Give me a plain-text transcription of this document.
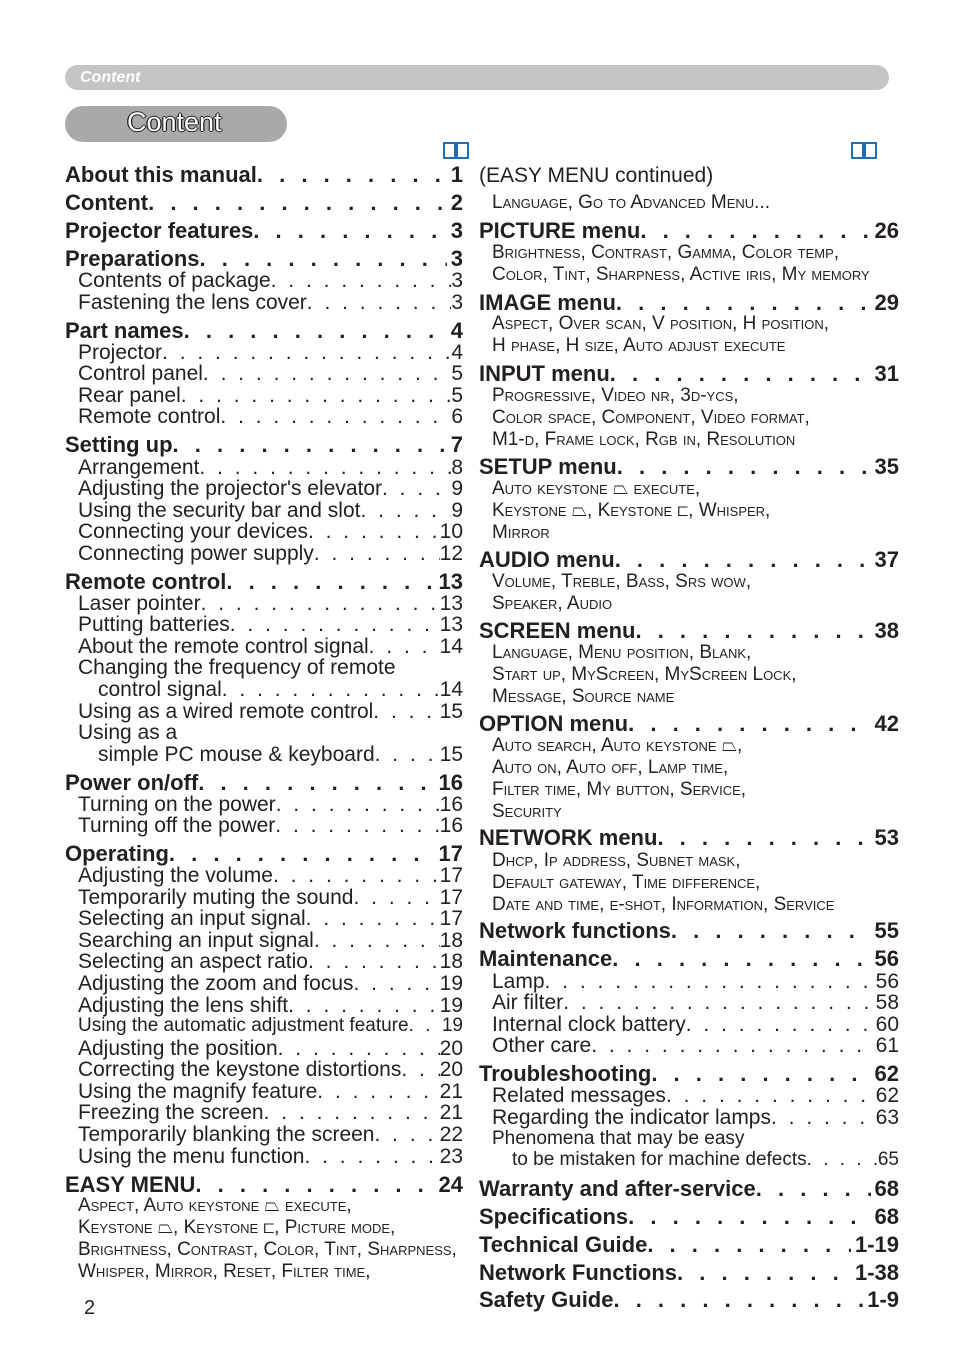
Content
Content
About this manual . . .	1
Content . . .	2
Projector features . . .	3
Preparations . . .	3
Contents of package . . .	3
Fastening the lens cover . . .	3
Part names . . .	4
Projector . . .	4
Control panel . . .	5
Rear panel . . .	5
Remote control . . .	6
Setting up . . .	7
Arrangement . . .	8
Adjusting the projector's elevator . . .	9
Using the security bar and slot . . .	9
Connecting your devices . . .	10
Connecting power supply . . .	12
Remote control . . .	13
Laser pointer . . .	13
Putting batteries . . .	13
About the remote control signal . . .	14
Changing the frequency of remote
control signal . . .	14
Using as a wired remote control . . .	15
Using as a
simple PC mouse & keyboard . . .	15
Power on/off . . .	16
Turning on the power . . .	16
Turning off the power . . .	16
Operating . . .	17
Adjusting the volume . . .	17
Temporarily muting the sound . . .	17
Selecting an input signal . . .	17
Searching an input signal . . .	18
Selecting an aspect ratio . . .	18
Adjusting the zoom and focus . . .	19
Adjusting the lens shift . . .	19
Using the automatic adjustment feature . . . 19
Adjusting the position . . .	20
Correcting the keystone distortions . . . 20
Using the magnify feature . . .	21
Freezing the screen . . .	21
Temporarily blanking the screen . . .	22
Using the menu function . . .	23
EASY MENU . . .	24
Aspect, Auto keystone ⏢ execute,
Keystone ⏢, Keystone ⊏, Picture mode,
Brightness, Contrast, Color, Tint, Sharpness,
Whisper, Mirror, Reset, Filter time,
(EASY MENU continued)
Language, Go to Advanced Menu...
PICTURE menu . . .	26
Brightness, Contrast, Gamma, Color temp,
Color, Tint, Sharpness, Active iris, My memory
IMAGE menu . . .	29
Aspect, Over scan, V position, H position,
H phase, H size, Auto adjust execute
INPUT menu . . .	31
Progressive, Video nr, 3d-ycs,
Color space, Component, Video format,
M1-d, Frame lock, Rgb in, Resolution
SETUP menu . . .	35
Auto keystone ⏢ execute,
Keystone ⏢, Keystone ⊏, Whisper,
Mirror
AUDIO menu . . .	37
Volume, Treble, Bass, Srs wow,
Speaker, Audio
SCREEN menu . . .	38
Language, Menu position, Blank,
Start up, MyScreen, MyScreen Lock,
Message, Source name
OPTION menu . . .	42
Auto search, Auto keystone ⏢,
Auto on, Auto off, Lamp time,
Filter time, My button, Service,
Security
NETWORK menu . . .	53
Dhcp, Ip address, Subnet mask,
Default gateway, Time difference,
Date and time, e-shot, Information, Service
Network functions . . .	55
Maintenance . . .	56
Lamp . . .	56
Air filter . . .	58
Internal clock battery . . .	60
Other care . . .	61
Troubleshooting . . .	62
Related messages . . .	62
Regarding the indicator lamps . . .	63
Phenomena that may be easy
to be mistaken for machine defects . . .	65
Warranty and after-service . . .	68
Specifications . . .	68
Technical Guide . . .	1-19
Network Functions . . .	1-38
Safety Guide . . .	1-9
2
